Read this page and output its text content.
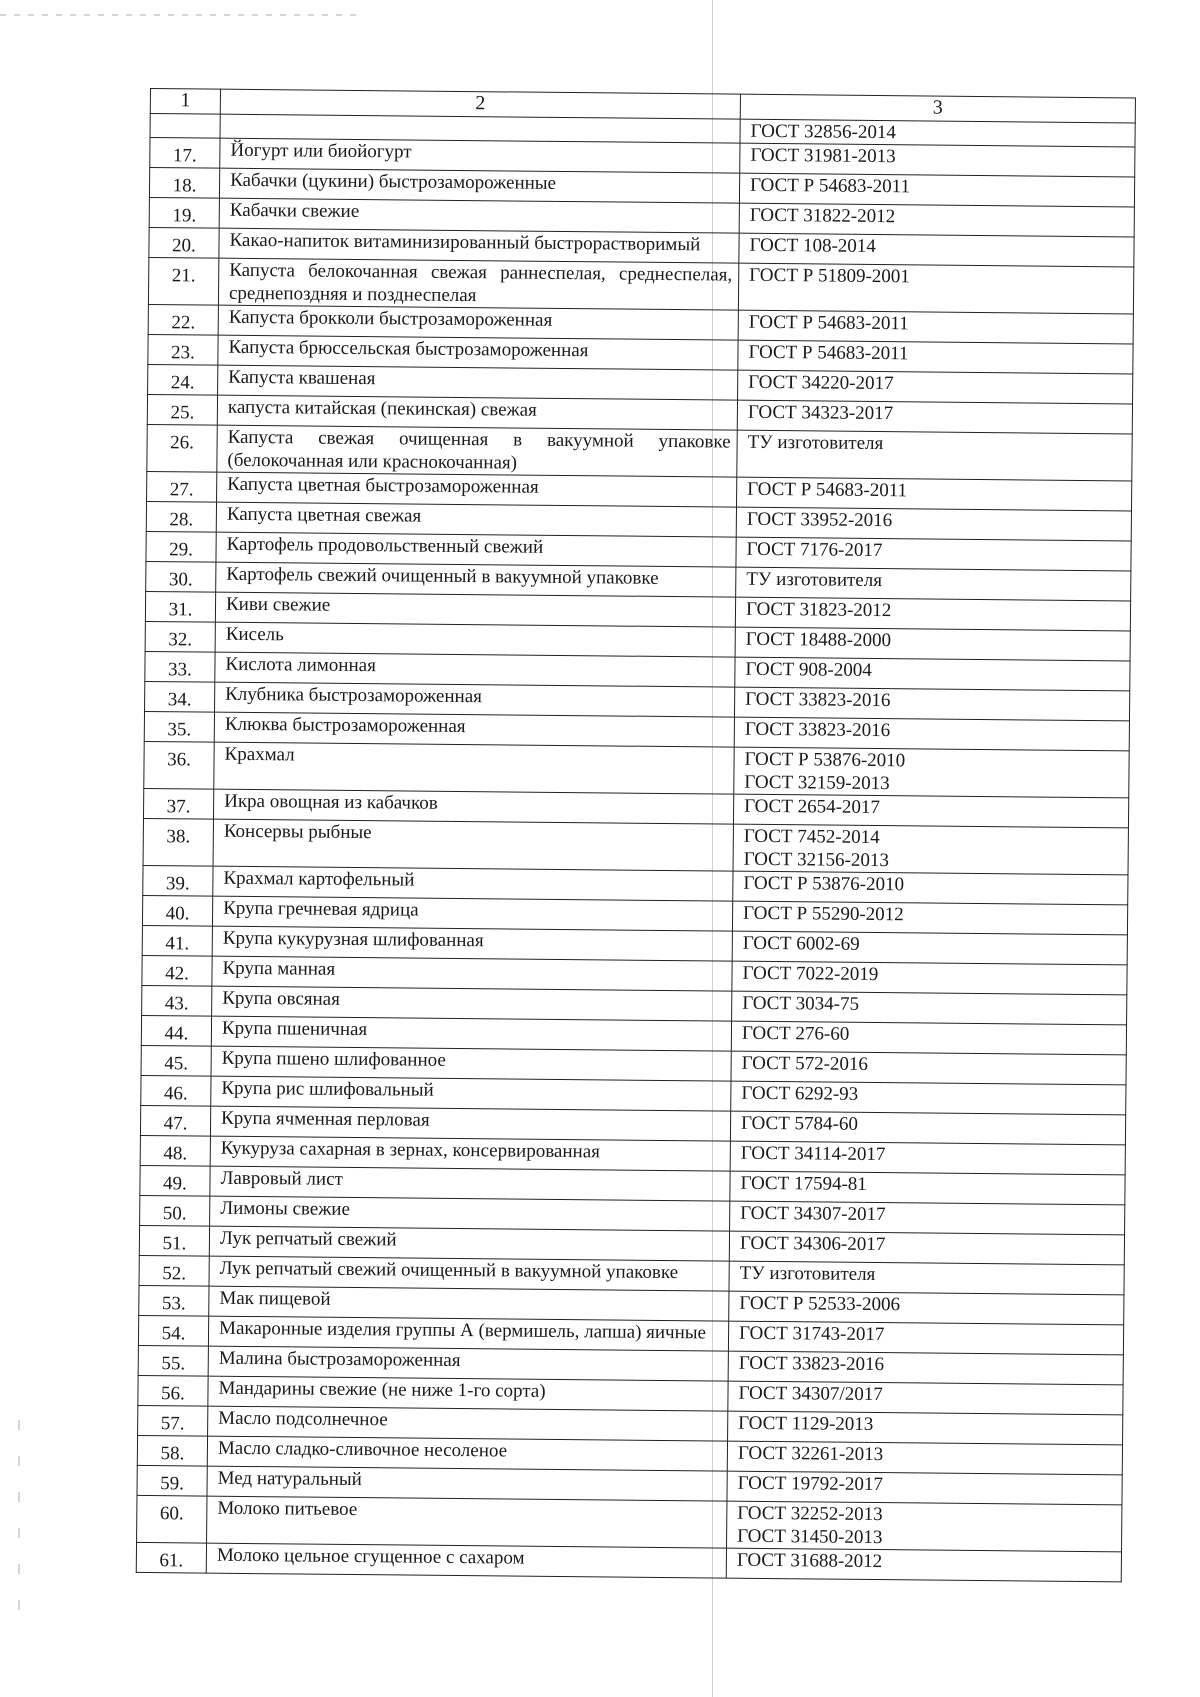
1	2	3

		ГОСТ 32856-2014

17.	Йогурт или биойогурт	ГОСТ 31981-2013

18.	Кабачки (цукини) быстрозамороженные	ГОСТ Р 54683-2011

19.	Кабачки свежие	ГОСТ 31822-2012

20.	Какао-напиток витаминизированный быстрорастворимый	ГОСТ 108-2014

21.	Капуста белокочанная свежая раннеспелая, среднеспелая, среднепоздняя и позднеспелая	ГОСТ Р 51809-2001

22.	Капуста брокколи быстрозамороженная	ГОСТ Р 54683-2011

23.	Капуста брюссельская быстрозамороженная	ГОСТ Р 54683-2011

24.	Капуста квашеная	ГОСТ 34220-2017

25.	капуста китайская (пекинская) свежая	ГОСТ 34323-2017

26.	Капуста свежая очищенная в вакуумной упаковке (белокочанная или краснокочанная)	ТУ изготовителя

27.	Капуста цветная быстрозамороженная	ГОСТ Р 54683-2011

28.	Капуста цветная свежая	ГОСТ 33952-2016

29.	Картофель продовольственный свежий	ГОСТ 7176-2017

30.	Картофель свежий очищенный в вакуумной упаковке	ТУ изготовителя

31.	Киви свежие	ГОСТ 31823-2012

32.	Кисель	ГОСТ 18488-2000

33.	Кислота лимонная	ГОСТ 908-2004

34.	Клубника быстрозамороженная	ГОСТ 33823-2016

35.	Клюква быстрозамороженная	ГОСТ 33823-2016

36.	Крахмал	ГОСТ Р 53876-2010
ГОСТ 32159-2013

37.	Икра овощная из кабачков	ГОСТ 2654-2017

38.	Консервы рыбные	ГОСТ 7452-2014
ГОСТ 32156-2013

39.	Крахмал картофельный	ГОСТ Р 53876-2010

40.	Крупа гречневая ядрица	ГОСТ Р 55290-2012

41.	Крупа кукурузная шлифованная	ГОСТ 6002-69

42.	Крупа манная	ГОСТ 7022-2019

43.	Крупа овсяная	ГОСТ 3034-75

44.	Крупа пшеничная	ГОСТ 276-60

45.	Крупа пшено шлифованное	ГОСТ 572-2016

46.	Крупа рис шлифовальный	ГОСТ 6292-93

47.	Крупа ячменная перловая	ГОСТ 5784-60

48.	Кукуруза сахарная в зернах, консервированная	ГОСТ 34114-2017

49.	Лавровый лист	ГОСТ 17594-81

50.	Лимоны свежие	ГОСТ 34307-2017

51.	Лук репчатый свежий	ГОСТ 34306-2017

52.	Лук репчатый свежий очищенный в вакуумной упаковке	ТУ изготовителя

53.	Мак пищевой	ГОСТ Р 52533-2006

54.	Макаронные изделия группы А (вермишель, лапша) яичные	ГОСТ 31743-2017

55.	Малина быстрозамороженная	ГОСТ 33823-2016

56.	Мандарины свежие (не ниже 1-го сорта)	ГОСТ 34307/2017

57.	Масло подсолнечное	ГОСТ 1129-2013

58.	Масло сладко-сливочное несоленое	ГОСТ 32261-2013

59.	Мед натуральный	ГОСТ 19792-2017

60.	Молоко питьевое	ГОСТ 32252-2013
ГОСТ 31450-2013

61.	Молоко цельное сгущенное с сахаром	ГОСТ 31688-2012
